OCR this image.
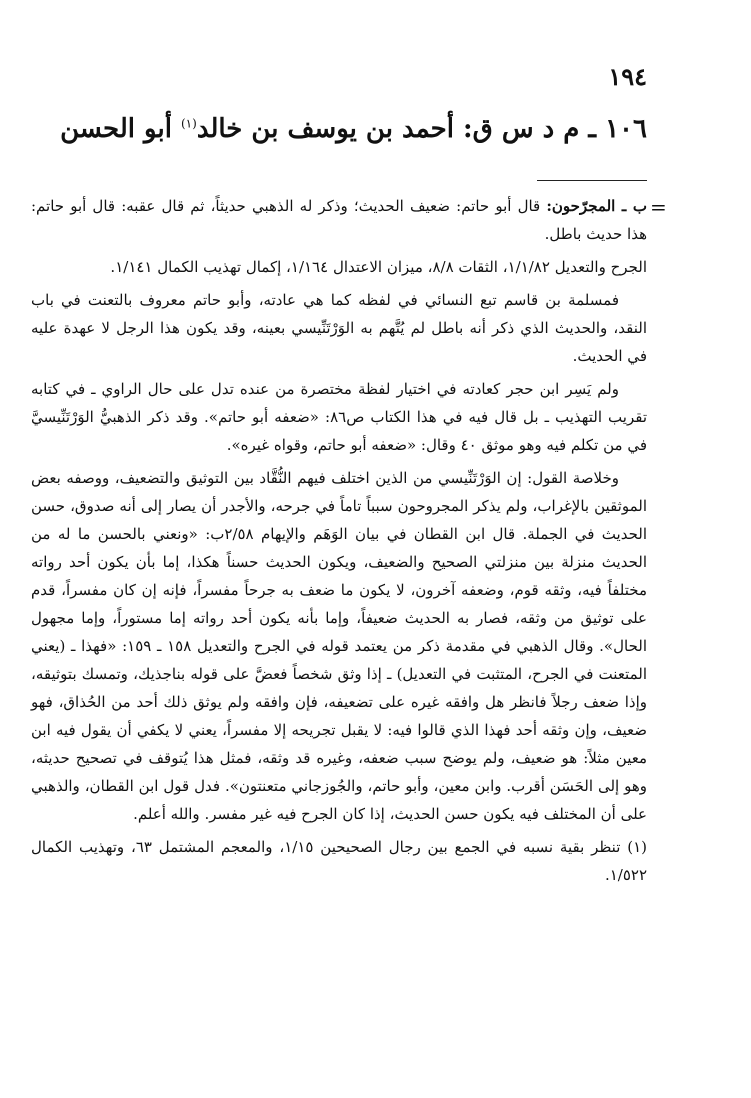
١٩٤
١٠٦ ـ م د س ق: أحمد بن يوسف بن خالد$^{(١)}$ أبو الحسن
=

ب ـ المجرّحون: قال أبو حاتم: ضعيف الحديث؛ وذكر له الذهبي حديثاً، ثم قال عقبه: قال أبو حاتم: هذا حديث باطل.

الجرح والتعديل ١/١/٨٢، الثقات ٨/٨، ميزان الاعتدال ١/١٦٤، إكمال تهذيب الكمال ١/١٤١.

فمسلمة بن قاسم تبع النسائي في لفظه كما هي عادته، وأبو حاتم معروف بالتعنت في باب النقد، والحديث الذي ذكر أنه باطل لم يُتَّهم به الوَرْتَنِّيسي بعينه، وقد يكون هذا الرجل لا عهدة عليه في الحديث.

ولم يَسِر ابن حجر كعادته في اختيار لفظة مختصرة من عنده تدل على حال الراوي ـ في كتابه تقريب التهذيب ـ بل قال فيه في هذا الكتاب ص٨٦: «ضعفه أبو حاتم». وقد ذكر الذهبيُّ الوَرْتَنِّيسيَّ في من تكلم فيه وهو موثق ٤٠ وقال: «ضعفه أبو حاتم، وقواه غيره».

وخلاصة القول: إن الوَرْتَنِّيسي من الذين اختلف فيهم النُّقَّاد بين التوثيق والتضعيف، ووصفه بعض الموثقين بالإغراب، ولم يذكر المجروحون سبباً تاماً في جرحه، والأجدر أن يصار إلى أنه صدوق، حسن الحديث في الجملة. قال ابن القطان في بيان الوَهَم والإيهام ٢/٥٨ب: «ونعني بالحسن ما له من الحديث منزلة بين منزلتي الصحيح والضعيف، ويكون الحديث حسناً هكذا، إما بأن يكون أحد رواته مختلفاً فيه، وثقه قوم، وضعفه آخرون، لا يكون ما ضعف به جرحاً مفسراً، فإنه إن كان مفسراً، قدم على توثيق من وثقه، فصار به الحديث ضعيفاً، وإما بأنه يكون أحد رواته إما مستوراً، وإما مجهول الحال». وقال الذهبي في مقدمة ذكر من يعتمد قوله في الجرح والتعديل ١٥٨ ـ ١٥٩: «فهذا ـ (يعني المتعنت في الجرح، المتثبت في التعديل) ـ إذا وثق شخصاً فعضَّ على قوله بناجذيك، وتمسك بتوثيقه، وإذا ضعف رجلاً فانظر هل وافقه غيره على تضعيفه، فإن وافقه ولم يوثق ذلك أحد من الحُذاق، فهو ضعيف، وإن وثقه أحد فهذا الذي قالوا فيه: لا يقبل تجريحه إلا مفسراً، يعني لا يكفي أن يقول فيه ابن معين مثلاً: هو ضعيف، ولم يوضح سبب ضعفه، وغيره قد وثقه، فمثل هذا يُتوقف في تصحيح حديثه، وهو إلى الحَسَن أقرب. وابن معين، وأبو حاتم، والجُوزجاني متعنتون». فدل قول ابن القطان، والذهبي على أن المختلف فيه يكون حسن الحديث، إذا كان الجرح فيه غير مفسر. والله أعلم.

(١) تنظر بقية نسبه في الجمع بين رجال الصحيحين ١/١٥، والمعجم المشتمل ٦٣، وتهذيب الكمال ١/٥٢٢.
